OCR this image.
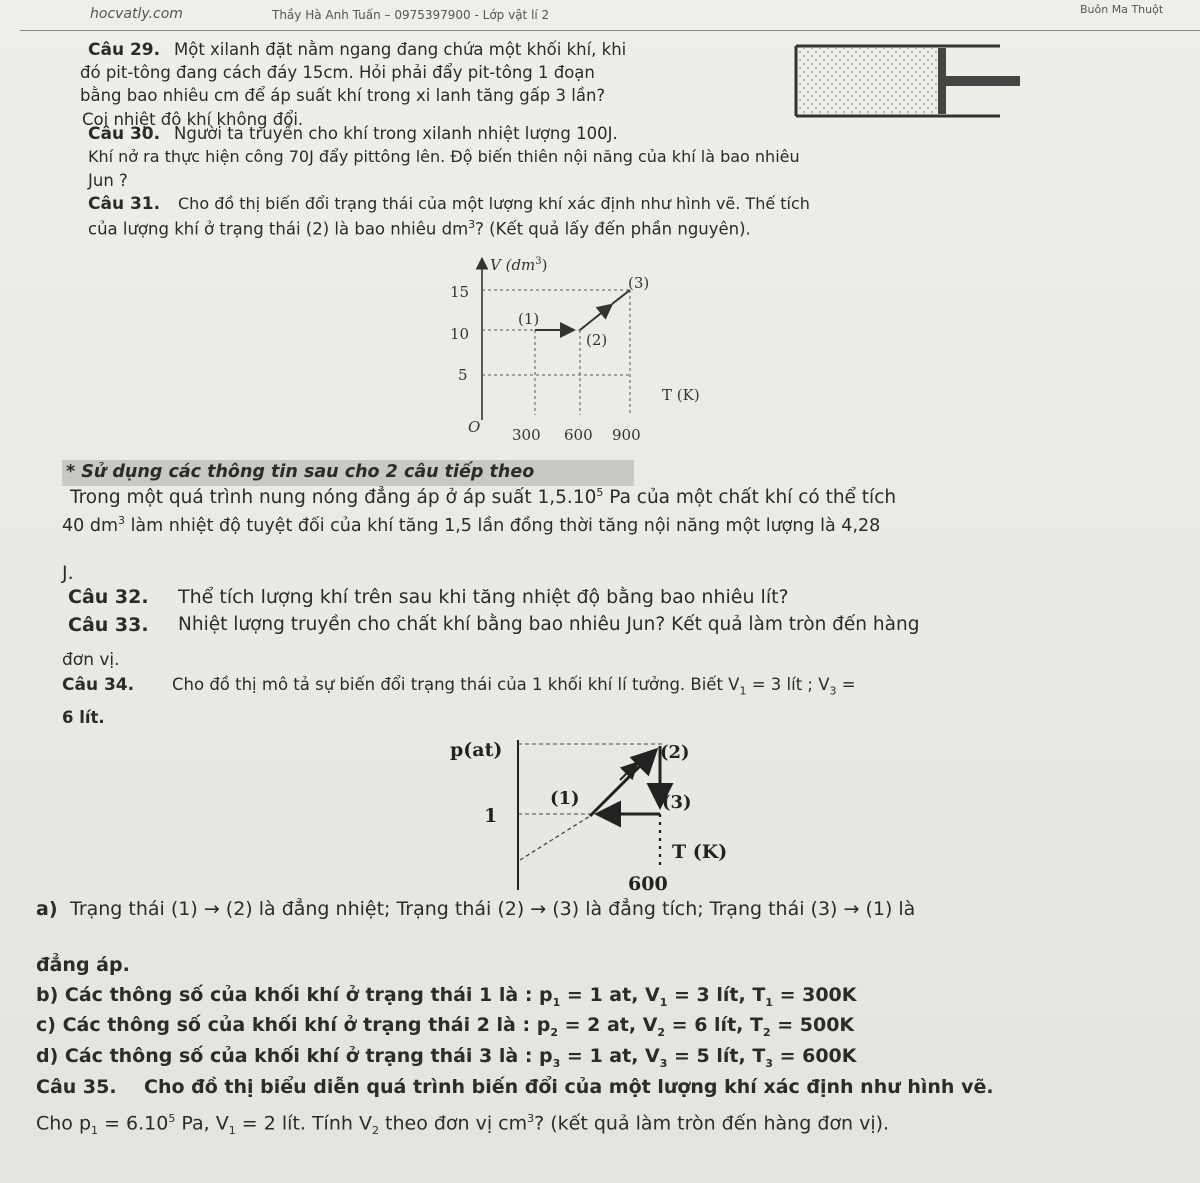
hocvatly.com	Thầy Hà Anh Tuấn – 0975397900 - Lớp vật lí 2	Buôn Ma Thuột
Câu 29. Một xilanh đặt nằm ngang đang chứa một khối khí, khi
đó pit-tông đang cách đáy 15cm. Hỏi phải đẩy pit-tông 1 đoạn
bằng bao nhiêu cm để áp suất khí trong xi lanh tăng gấp 3 lần?
Coi nhiệt độ khí không đổi.
Câu 30. Người ta truyền cho khí trong xilanh nhiệt lượng 100J.
Khí nở ra thực hiện công 70J đẩy pittông lên. Độ biến thiên nội năng của khí là bao nhiêu
Jun ?
Câu 31. Cho đồ thị biến đổi trạng thái của một lượng khí xác định như hình vẽ. Thế tích
của lượng khí ở trạng thái (2) là bao nhiêu $dm^3$? (Kết quả lấy đến phần nguyên).
V $(dm^3)$
15
10
5
O 300 600 900
T (K)
(1)
(2)
(3)
* Sử dụng các thông tin sau cho 2 câu tiếp theo
Trong một quá trình nung nóng đẳng áp ở áp suất 1,5.10$^5$ Pa của một chất khí có thể tích
40 $dm^3$ làm nhiệt độ tuyệt đối của khí tăng 1,5 lần đồng thời tăng nội năng một lượng là 4,28
J.
Câu 32. Thể tích lượng khí trên sau khi tăng nhiệt độ bằng bao nhiêu lít?
Câu 33. Nhiệt lượng truyền cho chất khí bằng bao nhiêu Jun? Kết quả làm tròn đến hàng
đơn vị.
Câu 34. Cho đồ thị mô tả sự biến đổi trạng thái của 1 khối khí lí tưởng. Biết $V_1 = 3$ lít ; $V_3$ =
6 lít.
p(at)
1
(1)
(2)
(3)
T (K)
600
a) Trạng thái (1) → (2) là đẳng nhiệt; Trạng thái (2) → (3) là đẳng tích; Trạng thái (3) → (1) là
đẳng áp.
b) Các thông số của khối khí ở trạng thái 1 là : $p_1 = 1$ at, $V_1 = 3$ lít, $T_1 = 300K$
c) Các thông số của khối khí ở trạng thái 2 là : $p_2 = 2$ at, $V_2 = 6$ lít, $T_2 = 500K$
d) Các thông số của khối khí ở trạng thái 3 là : $p_3 = 1$ at, $V_3 = 5$ lít, $T_3 = 600K$
Câu 35. Cho đồ thị biểu diễn quá trình biến đổi của một lượng khí xác định như hình vẽ.
Cho $p_1 = 6.10^5$ Pa, $V_1 = 2$ lít. Tính $V_2$ theo đơn vị $cm^3$? (kết quả làm tròn đến hàng đơn vị).
